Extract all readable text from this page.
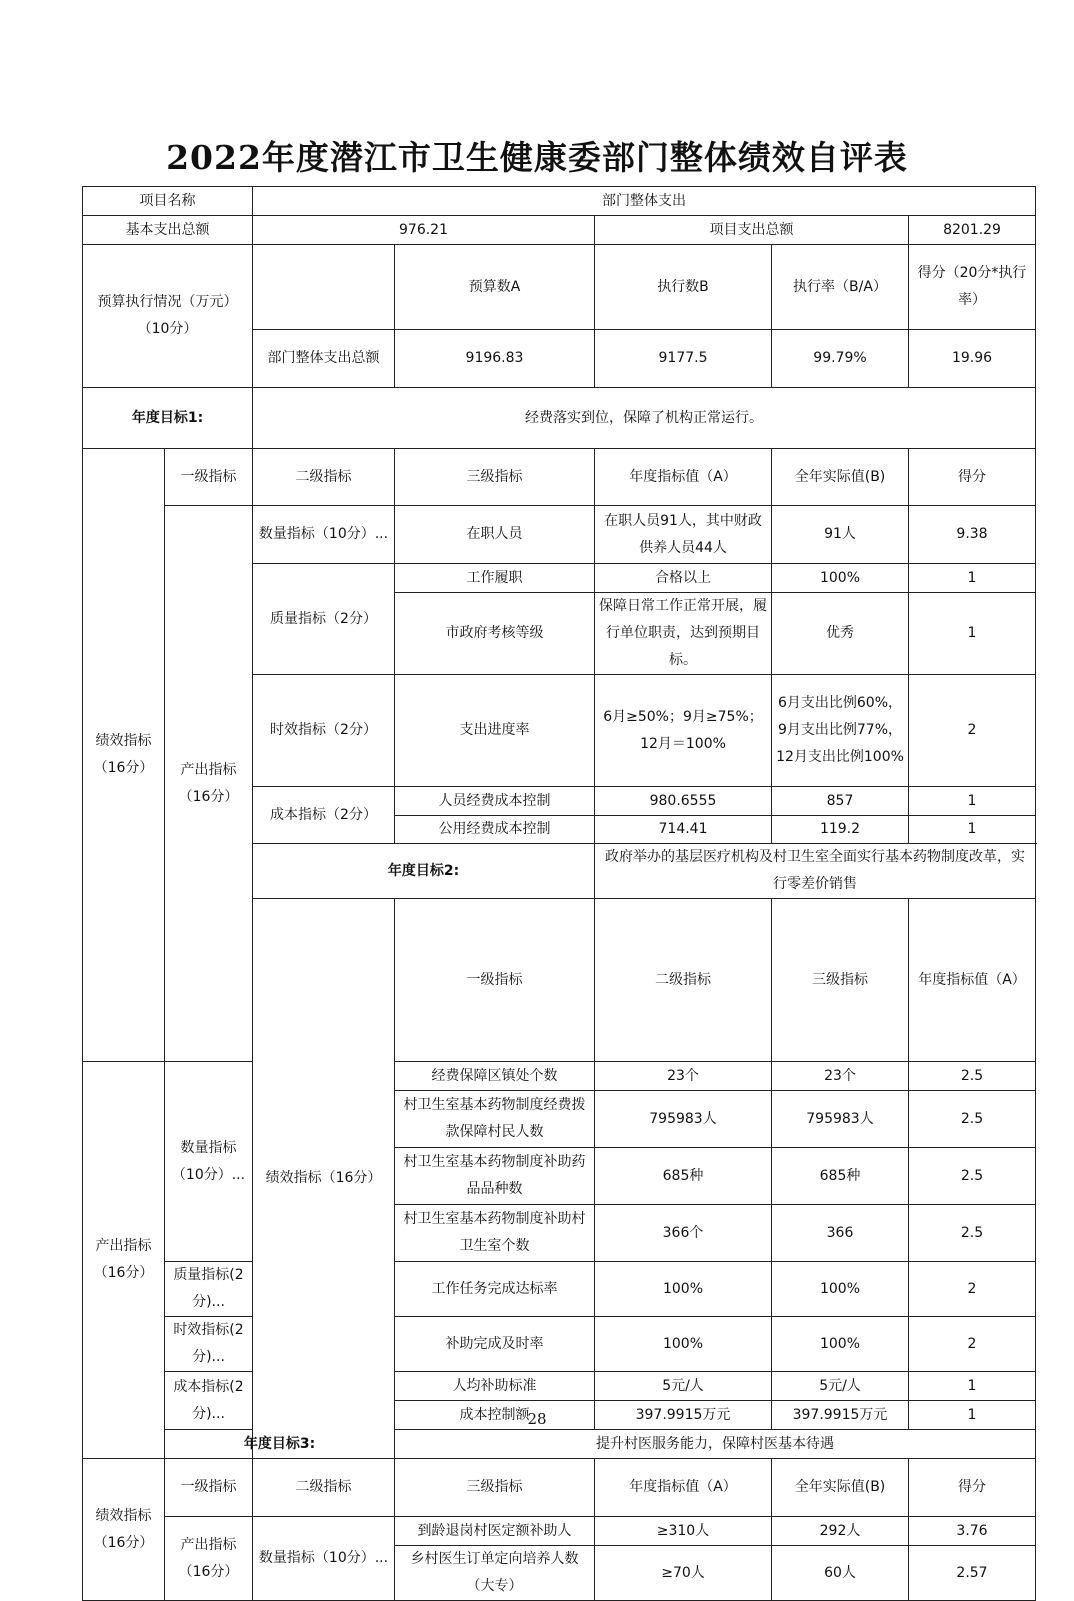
2022年度潜江市卫生健康委部门整体绩效自评表
项目名称		部门整体支出					
基本支出总额		976.21		项目支出总额		8201.29	
预算执行情况（万元）（10分）			预算数A	执行数B	执行率（B/A）	得分（20分*执行率）	
		部门整体支出总额	9196.83	9177.5	99.79%	19.96	
年度目标1:		经费落实到位，保障了机构正常运行。					
绩效指标（16分）	一级指标	二级指标	三级指标	年度指标值（A）	全年实际值(B)	得分	
	产出指标（16分）	数量指标（10分）...	在职人员	在职人员91人，其中财政供养人员44人	91人	9.38	
		质量指标（2分）	工作履职	合格以上	100%	1	
			市政府考核等级	保障日常工作正常开展，履行单位职责，达到预期目标。	优秀	1	
		时效指标（2分）	支出进度率	6月≥50%；9月≥75%；12月＝100%	6月支出比例60%，9月支出比例77%，12月支出比例100%	2	
		成本指标（2分）	人员经费成本控制	980.6555	857	1	
			公用经费成本控制	714.41	119.2	1	
		年度目标2:		政府举办的基层医疗机构及村卫生室全面实行基本药物制度改革，实行零差价销售			
		绩效指标（16分）	一级指标	二级指标	三级指标	年度指标值（A）		
产出指标（16分）	数量指标（10分）...		经费保障区镇处个数	23个	23个	2.5	
			村卫生室基本药物制度经费拨款保障村民人数	795983人	795983人	2.5	
			村卫生室基本药物制度补助药品品种数	685种	685种	2.5	
			村卫生室基本药物制度补助村卫生室个数	366个	366	2.5	
	质量指标(2分)...		工作任务完成达标率	100%	100%	2	
	时效指标(2分)...		补助完成及时率	100%	100%	2	
	成本指标(2分)...		人均补助标准	5元/人	5元/人	1	
			成本控制额	397.9915万元	397.9915万元	1	
	年度目标3:		提升村医服务能力，保障村医基本待遇				
绩效指标（16分）	一级指标	二级指标	三级指标	年度指标值（A）	全年实际值(B)	得分	
	产出指标（16分）	数量指标（10分）...	到龄退岗村医定额补助人	≥310人	292人	3.76	
			乡村医生订单定向培养人数（大专）	≥70人	60人	2.57	
28
